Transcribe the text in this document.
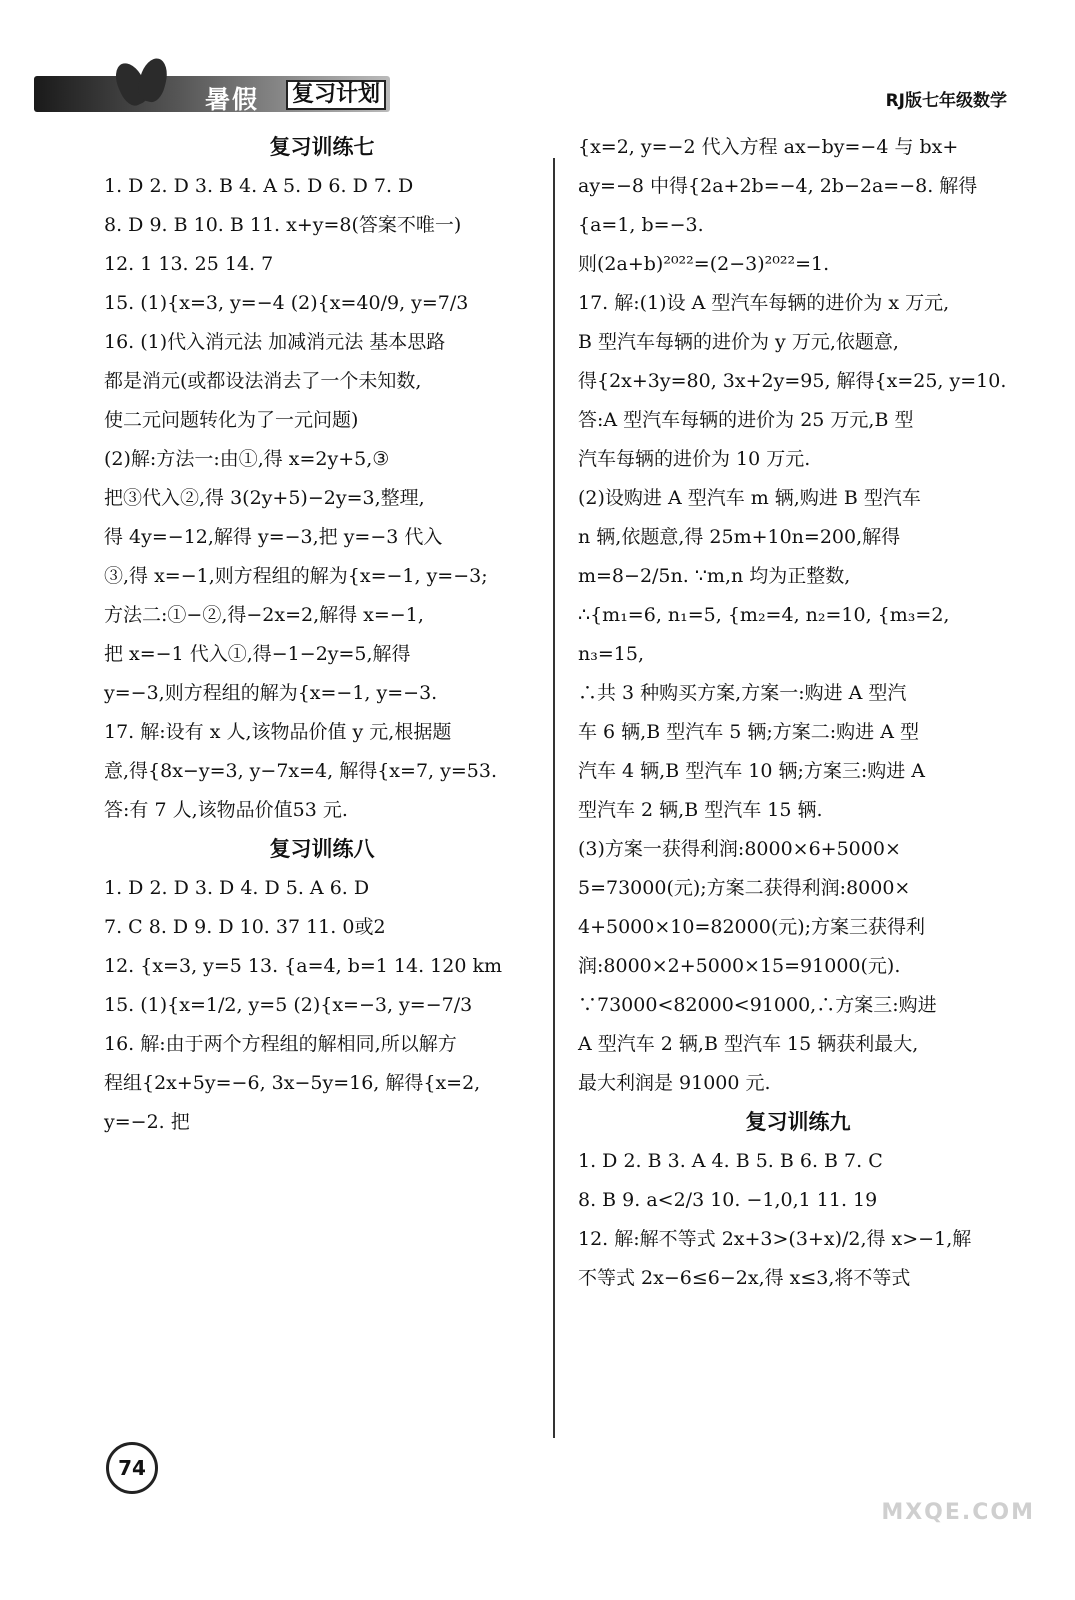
暑假 复习计划	RJ版七年级数学

复习训练七

1. D 2. D 3. B 4. A 5. D 6. D 7. D

8. D 9. B 10. B 11. x+y=8(答案不唯一)

12. 1 13. 25 14. 7

15. (1){x=3, y=−4 (2){x=40/9, y=7/3

16. (1)代入消元法 加减消元法 基本思路

都是消元(或都设法消去了一个未知数,

使二元问题转化为了一元问题)

(2)解:方法一:由①,得 x=2y+5,③

把③代入②,得 3(2y+5)−2y=3,整理,

得 4y=−12,解得 y=−3,把 y=−3 代入

③,得 x=−1,则方程组的解为{x=−1, y=−3;

方法二:①−②,得−2x=2,解得 x=−1,

把 x=−1 代入①,得−1−2y=5,解得

y=−3,则方程组的解为{x=−1, y=−3.

17. 解:设有 x 人,该物品价值 y 元,根据题

意,得{8x−y=3, y−7x=4, 解得{x=7, y=53.

答:有 7 人,该物品价值53 元.

复习训练八

1. D 2. D 3. D 4. D 5. A 6. D

7. C 8. D 9. D 10. 37 11. 0或2

12. {x=3, y=5 13. {a=4, b=1 14. 120 km

15. (1){x=1/2, y=5 (2){x=−3, y=−7/3

16. 解:由于两个方程组的解相同,所以解方

程组{2x+5y=−6, 3x−5y=16, 解得{x=2, y=−2. 把

{x=2, y=−2 代入方程 ax−by=−4 与 bx+

ay=−8 中得{2a+2b=−4, 2b−2a=−8. 解得{a=1, b=−3.

则(2a+b)²⁰²²=(2−3)²⁰²²=1.

17. 解:(1)设 A 型汽车每辆的进价为 x 万元,

B 型汽车每辆的进价为 y 万元,依题意,

得{2x+3y=80, 3x+2y=95, 解得{x=25, y=10.

答:A 型汽车每辆的进价为 25 万元,B 型

汽车每辆的进价为 10 万元.

(2)设购进 A 型汽车 m 辆,购进 B 型汽车

n 辆,依题意,得 25m+10n=200,解得

m=8−2/5n. ∵m,n 均为正整数,

∴{m₁=6, n₁=5, {m₂=4, n₂=10, {m₃=2, n₃=15,

∴共 3 种购买方案,方案一:购进 A 型汽

车 6 辆,B 型汽车 5 辆;方案二:购进 A 型

汽车 4 辆,B 型汽车 10 辆;方案三:购进 A

型汽车 2 辆,B 型汽车 15 辆.

(3)方案一获得利润:8000×6+5000×

5=73000(元);方案二获得利润:8000×

4+5000×10=82000(元);方案三获得利

润:8000×2+5000×15=91000(元).

∵73000<82000<91000,∴方案三:购进

A 型汽车 2 辆,B 型汽车 15 辆获利最大,

最大利润是 91000 元.

复习训练九

1. D 2. B 3. A 4. B 5. B 6. B 7. C

8. B 9. a<2/3 10. −1,0,1 11. 19

12. 解:解不等式 2x+3>(3+x)/2,得 x>−1,解

不等式 2x−6≤6−2x,得 x≤3,将不等式

74
MXQE.COM
